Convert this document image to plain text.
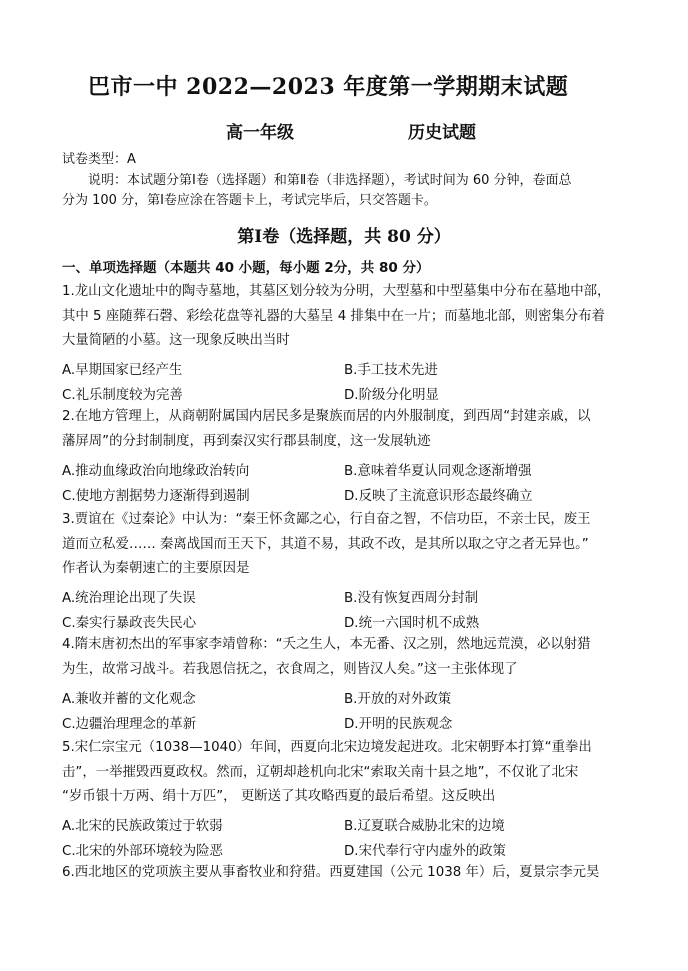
巴市一中 2022—2023 年度第一学期期末试题
高一年级	历史试题
试卷类型：A
说明：本试题分第Ⅰ卷（选择题）和第Ⅱ卷（非选择题），考试时间为 60 分钟，卷面总
分为 100 分，第Ⅰ卷应涂在答题卡上，考试完毕后，只交答题卡。
第Ⅰ卷（选择题，共 80 分）
一、单项选择题（本题共 40 小题，每小题 2分，共 80 分）
1.龙山文化遗址中的陶寺墓地，其墓区划分较为分明，大型墓和中型墓集中分布在墓地中部，
其中 5 座随葬石磬、彩绘花盘等礼器的大墓呈 4 排集中在一片；而墓地北部，则密集分布着
大量简陋的小墓。这一现象反映出当时
A.早期国家已经产生	B.手工技术先进
C.礼乐制度较为完善	D.阶级分化明显
2.在地方管理上，从商朝附属国内居民多是聚族而居的内外服制度，到西周“封建亲戚，以
藩屏周”的分封制制度，再到秦汉实行郡县制度，这一发展轨迹
A.推动血缘政治向地缘政治转向	B.意味着华夏认同观念逐渐增强
C.使地方割据势力逐渐得到遏制	D.反映了主流意识形态最终确立
3.贾谊在《过秦论》中认为：“秦王怀贪鄙之心，行自奋之智，不信功臣，不亲士民，废王
道而立私爱…… 秦离战国而王天下，其道不易，其政不改，是其所以取之守之者无异也。”
作者认为秦朝速亡的主要原因是
A.统治理论出现了失误	B.没有恢复西周分封制
C.秦实行暴政丧失民心	D.统一六国时机不成熟
4.隋末唐初杰出的军事家李靖曾称：“夭之生人，本无番、汉之别，然地远荒漠，必以射猎
为生，故常习战斗。若我恩信抚之，衣食周之，则皆汉人矣。”这一主张体现了
A.兼收并蓄的文化观念	B.开放的对外政策
C.边疆治理理念的革新	D.开明的民族观念
5.宋仁宗宝元（1038—1040）年间，西夏向北宋边境发起进攻。北宋朝野本打算“重拳出
击”，一举摧毁西夏政权。然而，辽朝却趁机向北宋“索取关南十县之地”，不仅讹了北宋
“岁币银十万两、绢十万匹”， 更断送了其攻略西夏的最后希望。这反映出
A.北宋的民族政策过于软弱	B.辽夏联合威胁北宋的边境
C.北宋的外部环境较为险恶	D.宋代奉行守内虚外的政策
6.西北地区的党项族主要从事畜牧业和狩猎。西夏建国（公元 1038 年）后，夏景宗李元昊
